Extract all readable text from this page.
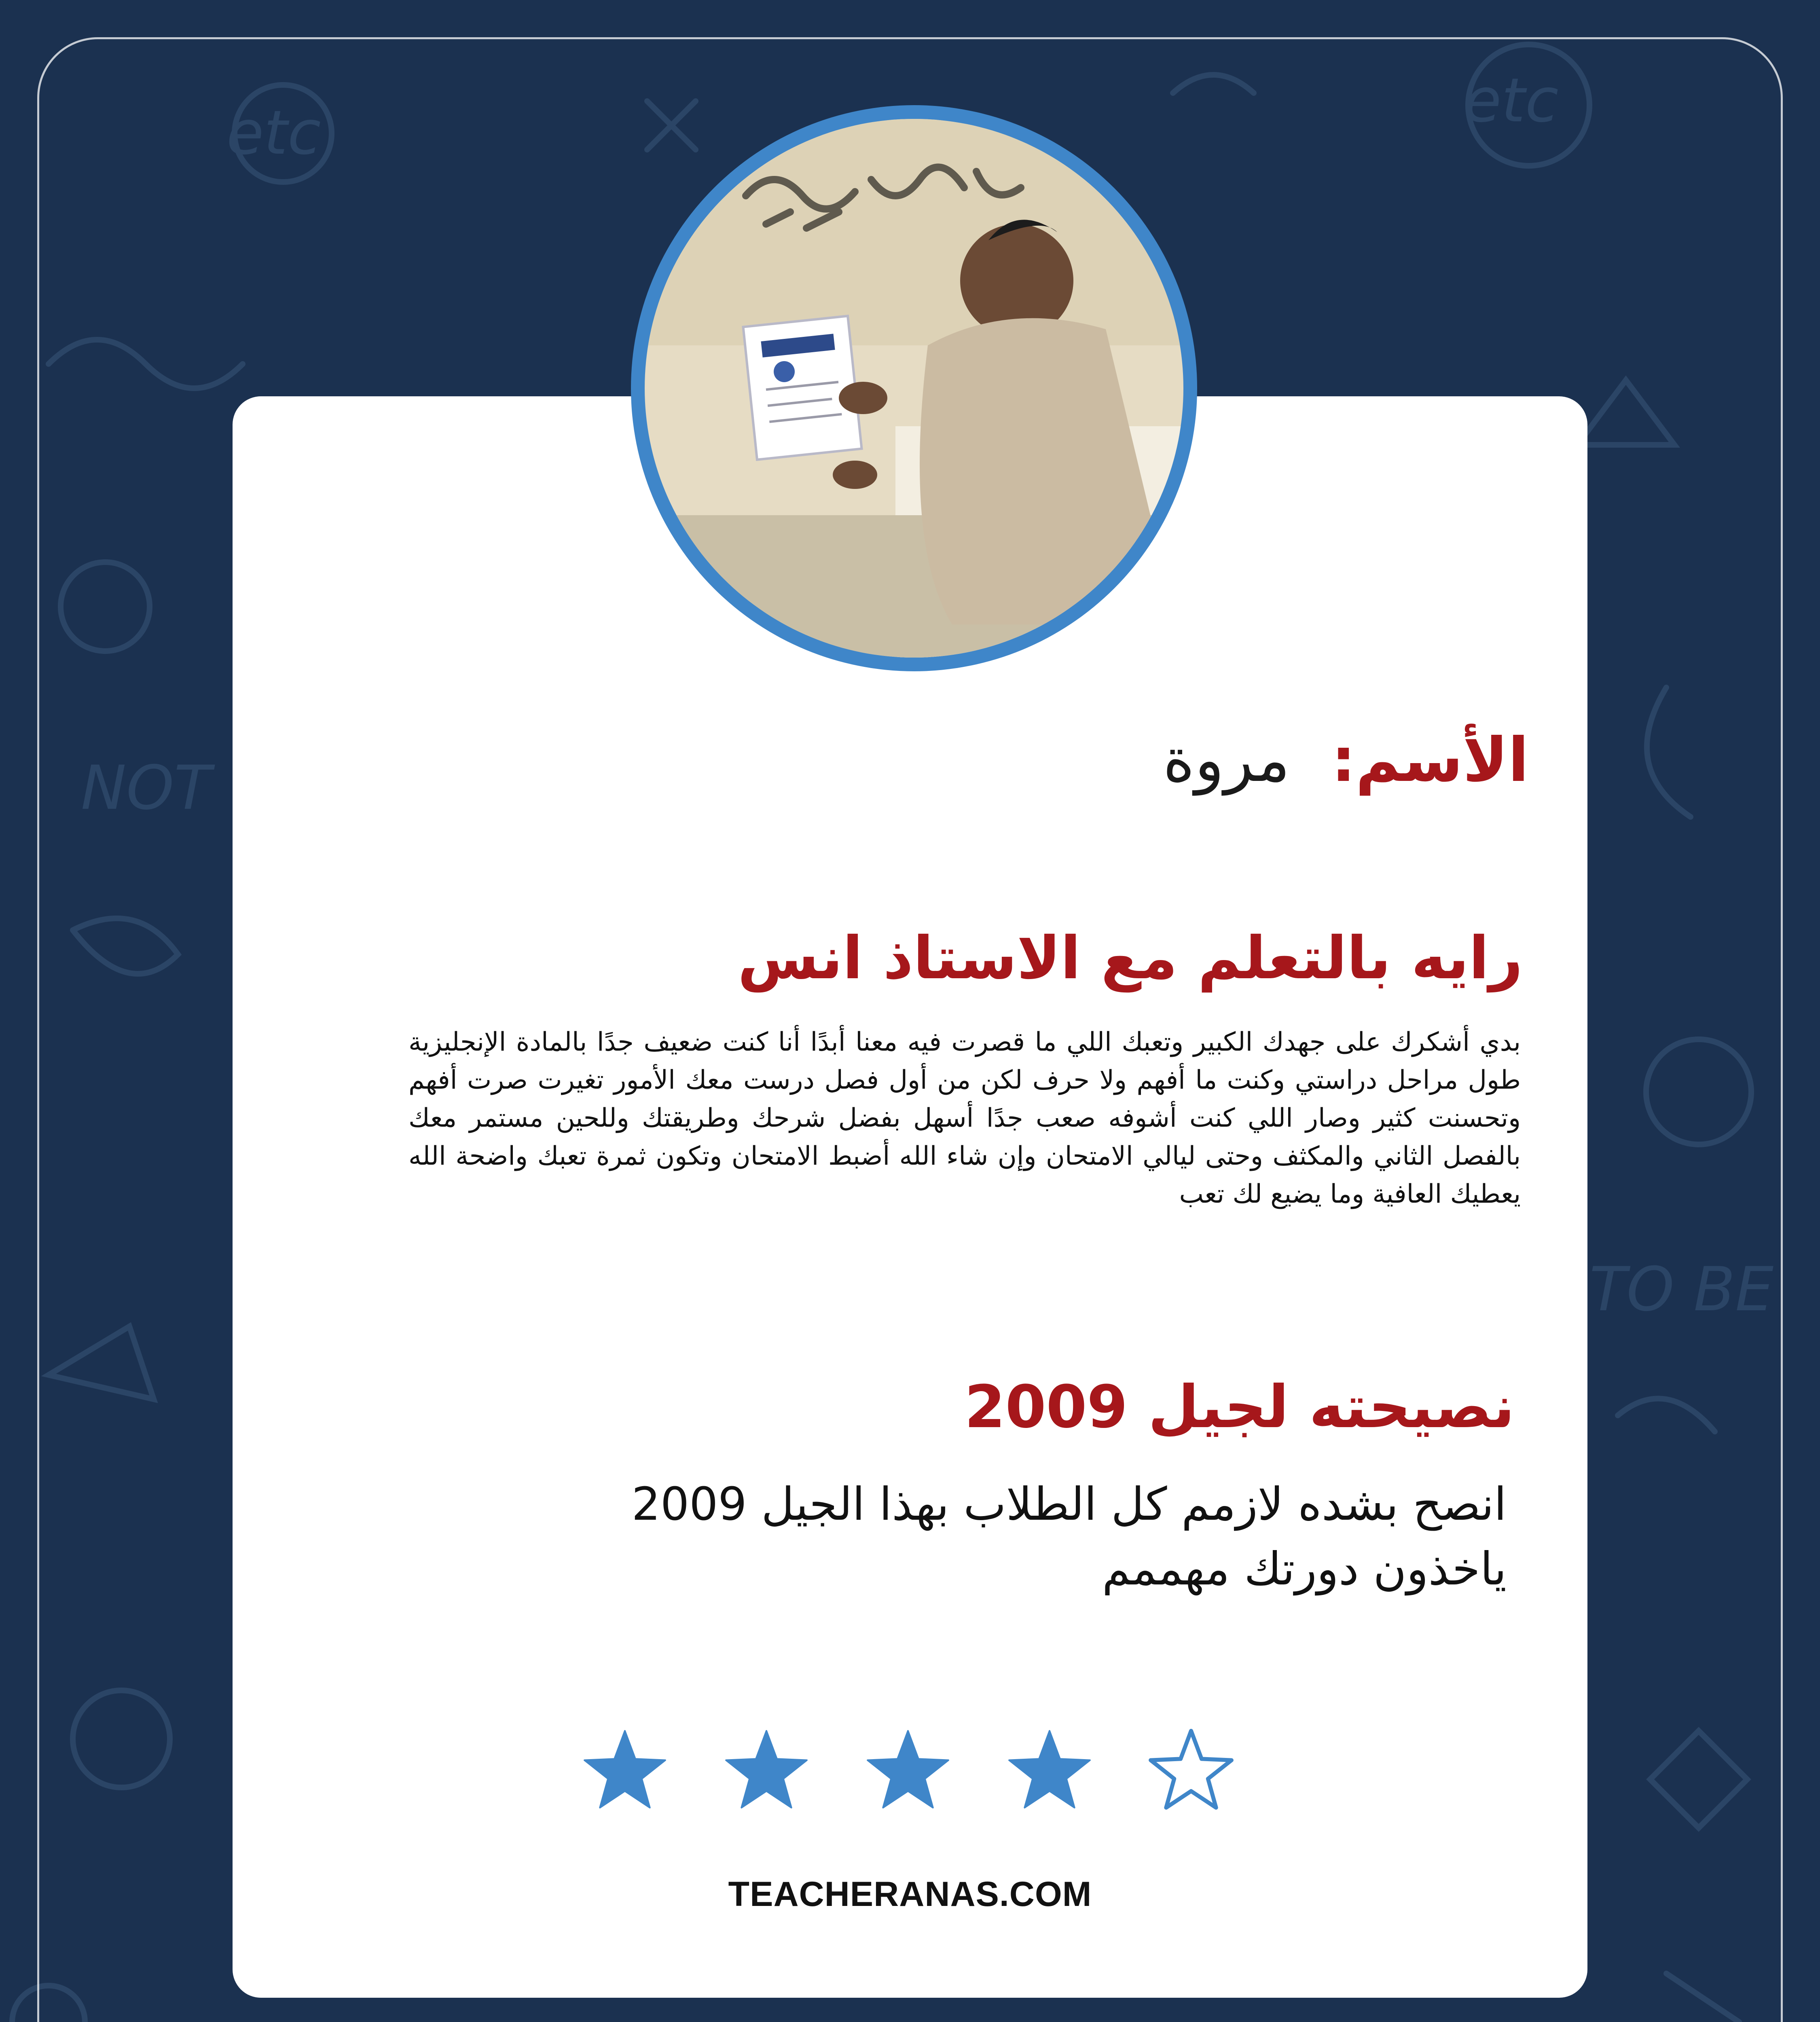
etc	etc
TO BE
NOT	الأسم: مروة
رايه بالتعلم مع الاستاذ انس
بدي أشكرك على جهدك الكبير وتعبك اللي ما قصرت فيه معنا أبدًا أنا كنت ضعيف جدًا بالمادة الإنجليزية طول مراحل دراستي وكنت ما أفهم ولا حرف لكن من أول فصل درست معك الأمور تغيرت صرت أفهم وتحسنت كثير وصار اللي كنت أشوفه صعب جدًا أسهل بفضل شرحك وطريقتك وللحين مستمر معك بالفصل الثاني والمكثف وحتى ليالي الامتحان وإن شاء الله أضبط الامتحان وتكون ثمرة تعبك واضحة الله يعطيك العافية وما يضيع لك تعب
نصيحته لجيل 2009
انصح بشده لازمم كل الطلاب بهذا الجيل 2009
ياخذون دورتك مهممم
TEACHERANAS.COM
